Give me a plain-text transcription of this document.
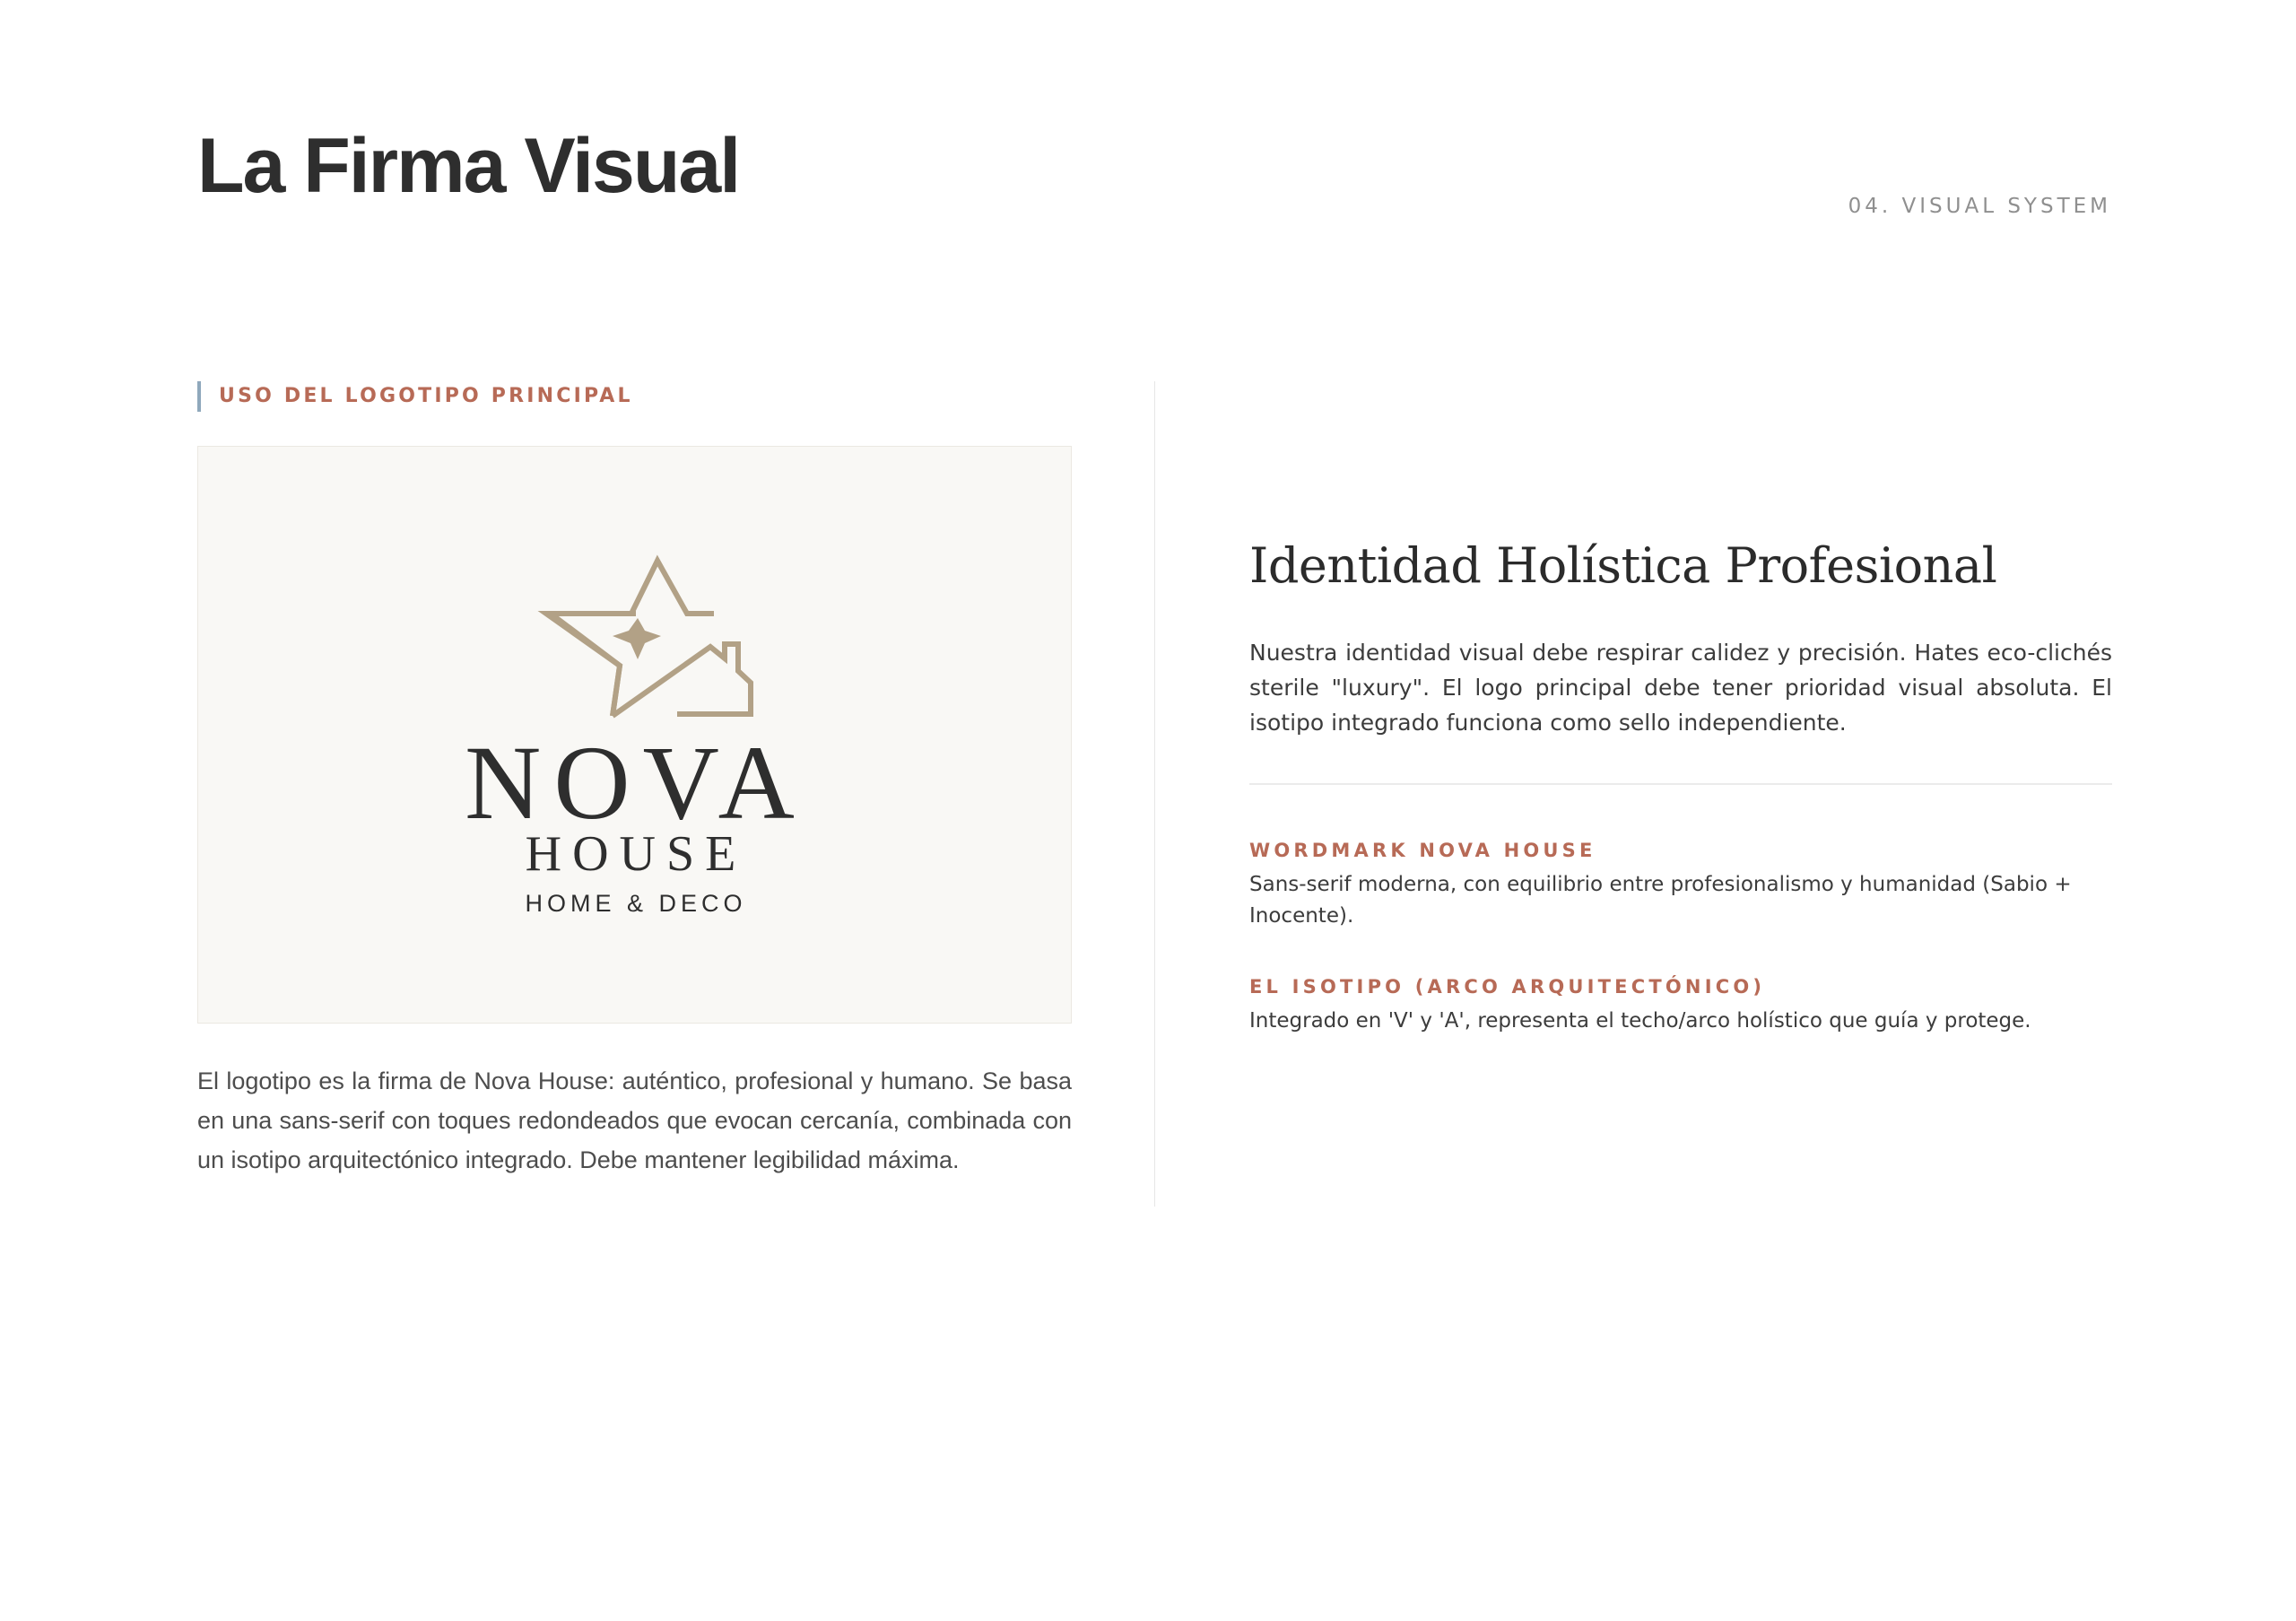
La Firma Visual	04. VISUAL SYSTEM
USO DEL LOGOTIPO PRINCIPAL
NOVA
HOUSE
HOME & DECO

El logotipo es la firma de Nova House: auténtico, profesional y humano. Se basa en una sans-serif con toques redondeados que evocan cercanía, combinada con un isotipo arquitectónico integrado. Debe mantener legibilidad máxima.

Identidad Holística Profesional

Nuestra identidad visual debe respirar calidez y precisión. Hates eco-clichés sterile "luxury". El logo principal debe tener prioridad visual absoluta. El isotipo integrado funciona como sello independiente.

WORDMARK NOVA HOUSE
Sans-serif moderna, con equilibrio entre profesionalismo y humanidad (Sabio + Inocente).
EL ISOTIPO (ARCO ARQUITECTÓNICO)
Integrado en 'V' y 'A', representa el techo/arco holístico que guía y protege.
